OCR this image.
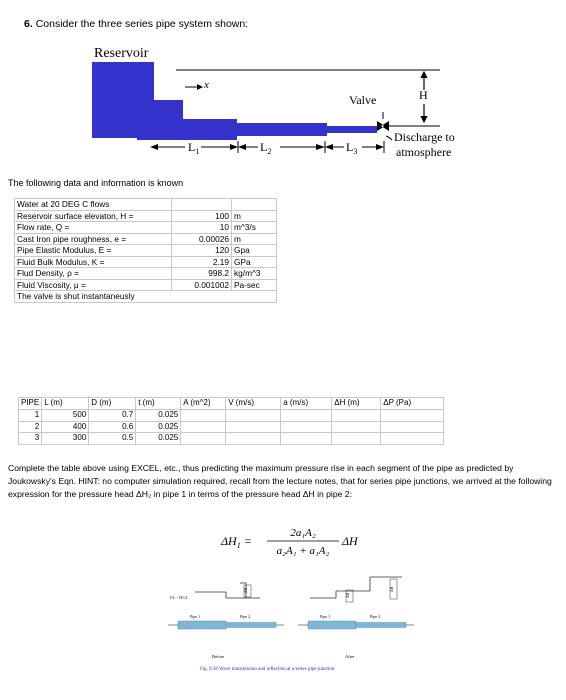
6. Consider the three series pipe system shown:
Reservoir
x
Valve	H
Discharge to
atmosphere
$L_1$	$L_2$	$L_3$
The following data and information is known
Water at 20 DEG C flows		
Reservoir surface elevaton, H =	100	m
Flow rate, Q =	10	m^3/s
Cast Iron pipe roughness, e =	0.00026	m
Pipe Elastic Modulus, E =	120	Gpa
Fluid Bulk Modulus, K =	2.19	GPa
Flud Density, ρ =	998.2	kg/m^3
Fluid Viscosity, μ =	0.001002	Pa-sec
The valve is shut instantaneusly		
PIPE	L (m)	D (m)	t (m)	A (m^2)	V (m/s)	a (m/s)	ΔH (m)	ΔP (Pa)
1	500	0.7	0.025					
2	400	0.6	0.025					
3	300	0.5	0.025					
Complete the table above using EXCEL, etc., thus predicting the maximum pressure rise in each segment of the pipe as predicted by Joukowsky's Eqn. HINT: no computer simulation required, recall from the lecture notes, that for series pipe junctions, we arrived at the following expression for the pressure head ΔH₂ in pipe 1 in terms of the pressure head ΔH in pipe 2:
$\Delta H_1$ =
2a₁A₂
a₂A₁ + a₁A₂
ΔH
EL - HGL
ΔH
Pipe 1	Pipe 2
Before
ΔH
ΔH
Pipe 1	Pipe 2
After
Fig. 9.38 Wave transmission and reflection at a series pipe junction.
